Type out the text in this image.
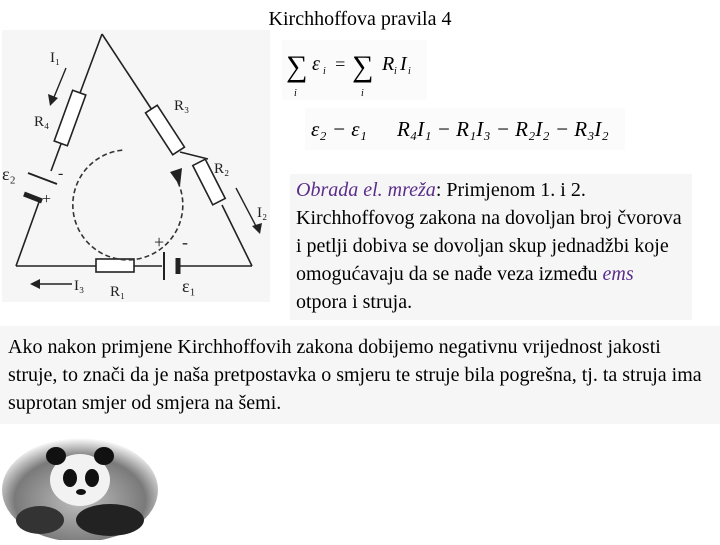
Kirchhoffova pravila 4
I₁
R₄
R₃
R₂
I₂
ε₂
+
-
+ -
I₃ R₁	ε₁
∑
i
ε i = ∑
i
R i I i
ε₂ − ε₁ R₄I₁ − R₁I₃ − R₂I₂ − R₃I₂
Obrada el. mreža: Primjenom 1. i 2. Kirchhoffovog zakona na dovoljan broj čvorova i petlji dobiva se dovoljan skup jednadžbi koje omogućavaju da se nađe veza između ems otpora i struja.
Ako nakon primjene Kirchhoffovih zakona dobijemo negativnu vrijednost jakosti struje, to znači da je naša pretpostavka o smjeru te struje bila pogrešna, tj. ta struja ima suprotan smjer od smjera na šemi.
